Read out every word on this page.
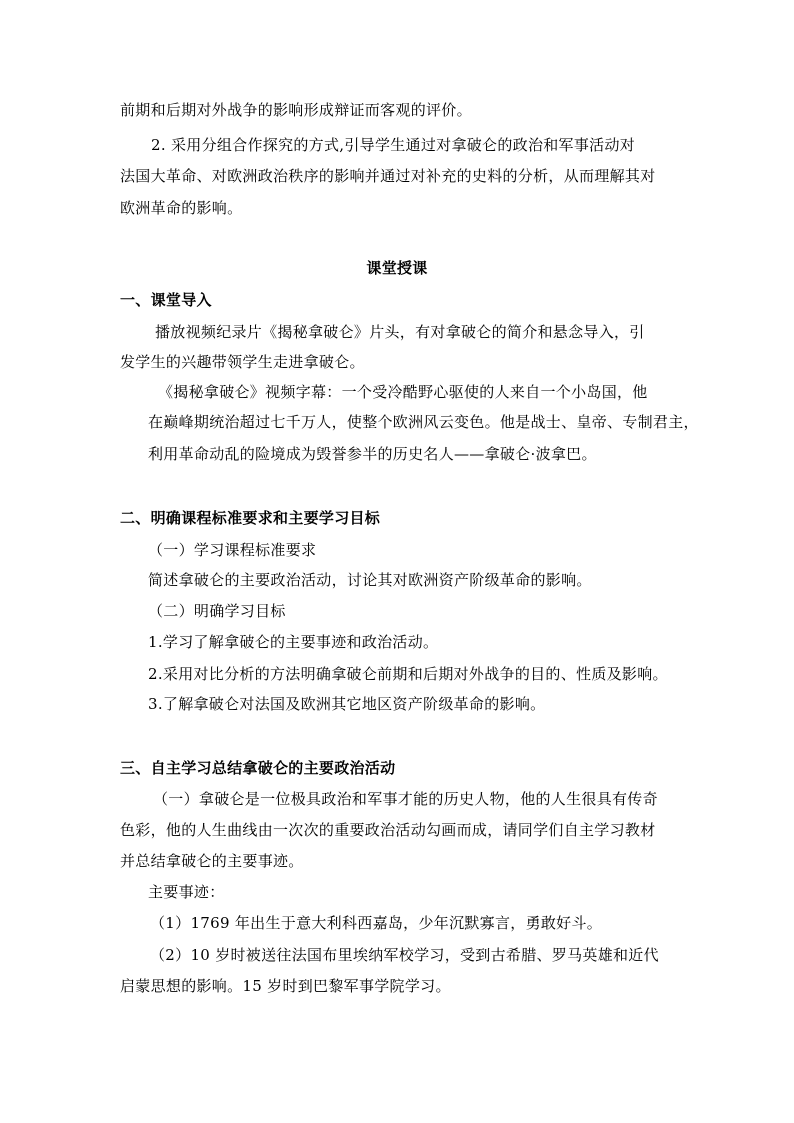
前期和后期对外战争的影响形成辩证而客观的评价。
2. 采用分组合作探究的方式,引导学生通过对拿破仑的政治和军事活动对
法国大革命、对欧洲政治秩序的影响并通过对补充的史料的分析，从而理解其对
欧洲革命的影响。
课堂授课
一、课堂导入
播放视频纪录片《揭秘拿破仑》片头，有对拿破仑的简介和悬念导入，引
发学生的兴趣带领学生走进拿破仑。
《揭秘拿破仑》视频字幕：一个受冷酷野心驱使的人来自一个小岛国，他
在巅峰期统治超过七千万人，使整个欧洲风云变色。他是战士、皇帝、专制君主，
利用革命动乱的险境成为毁誉参半的历史名人——拿破仑·波拿巴。
二、明确课程标准要求和主要学习目标
（一）学习课程标准要求
简述拿破仑的主要政治活动，讨论其对欧洲资产阶级革命的影响。
（二）明确学习目标
1.学习了解拿破仑的主要事迹和政治活动。
2.采用对比分析的方法明确拿破仑前期和后期对外战争的目的、性质及影响。
3.了解拿破仑对法国及欧洲其它地区资产阶级革命的影响。
三、自主学习总结拿破仑的主要政治活动
（一）拿破仑是一位极具政治和军事才能的历史人物，他的人生很具有传奇
色彩，他的人生曲线由一次次的重要政治活动勾画而成，请同学们自主学习教材
并总结拿破仑的主要事迹。
主要事迹：
（1）1769 年出生于意大利科西嘉岛，少年沉默寡言，勇敢好斗。
（2）10 岁时被送往法国布里埃纳军校学习，受到古希腊、罗马英雄和近代
启蒙思想的影响。15 岁时到巴黎军事学院学习。
